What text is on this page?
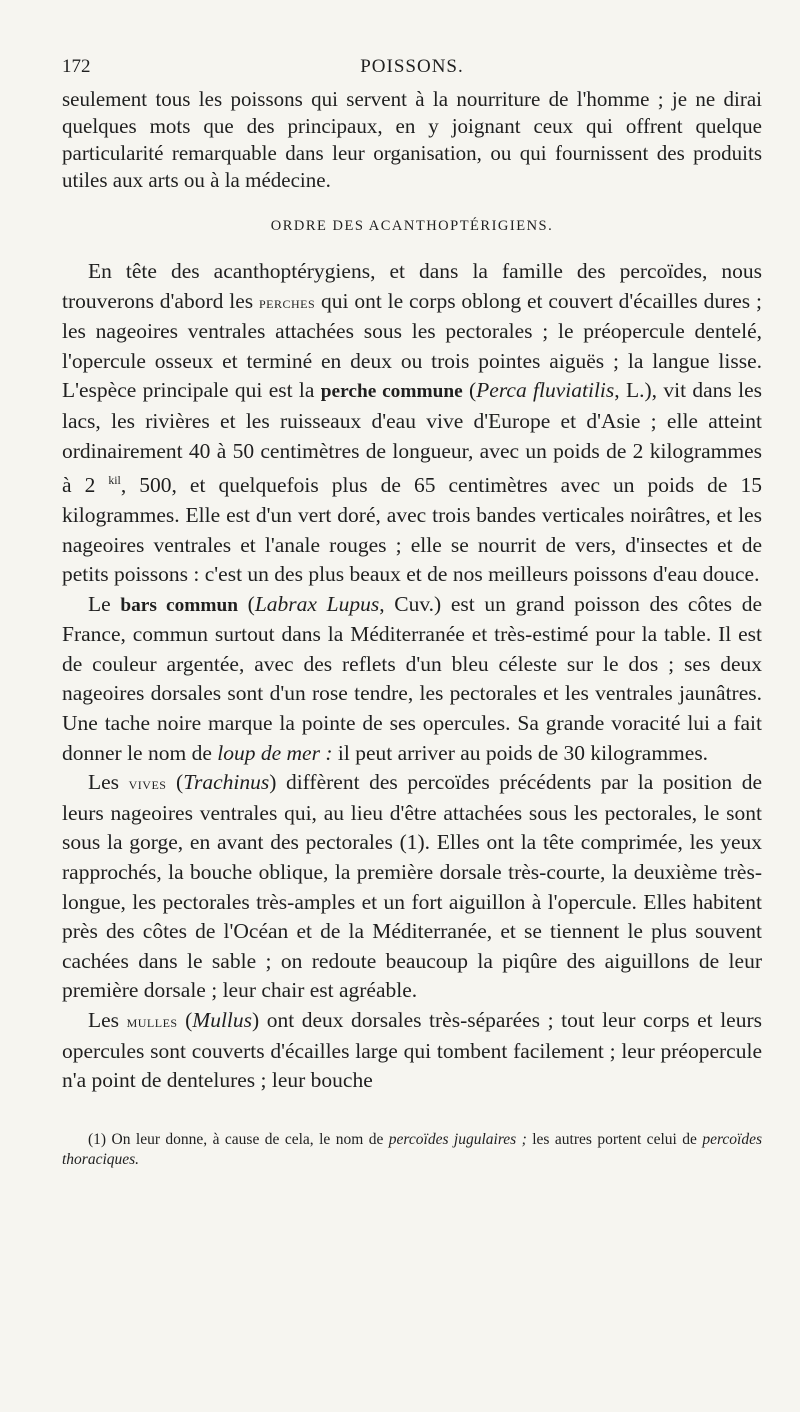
172	POISSONS.

seulement tous les poissons qui servent à la nourriture de l'homme ; je ne dirai quelques mots que des principaux, en y joignant ceux qui offrent quelque particularité remarquable dans leur organisation, ou qui fournissent des produits utiles aux arts ou à la médecine.

ORDRE DES ACANTHOPTÉRIGIENS.

En tête des acanthoptérygiens, et dans la famille des percoïdes, nous trouverons d'abord les perches qui ont le corps oblong et couvert d'écailles dures ; les nageoires ventrales attachées sous les pectorales ; le préopercule dentelé, l'opercule osseux et terminé en deux ou trois pointes aiguës ; la langue lisse. L'espèce principale qui est la perche commune (Perca fluviatilis, L.), vit dans les lacs, les rivières et les ruisseaux d'eau vive d'Europe et d'Asie ; elle atteint ordinairement 40 à 50 centimètres de longueur, avec un poids de 2 kilogrammes à 2 $^{kil}$, 500, et quelquefois plus de 65 centimètres avec un poids de 15 kilogrammes. Elle est d'un vert doré, avec trois bandes verticales noirâtres, et les nageoires ventrales et l'anale rouges ; elle se nourrit de vers, d'insectes et de petits poissons : c'est un des plus beaux et de nos meilleurs poissons d'eau douce.

Le bars commun (Labrax Lupus, Cuv.) est un grand poisson des côtes de France, commun surtout dans la Méditerranée et très-estimé pour la table. Il est de couleur argentée, avec des reflets d'un bleu céleste sur le dos ; ses deux nageoires dorsales sont d'un rose tendre, les pectorales et les ventrales jaunâtres. Une tache noire marque la pointe de ses opercules. Sa grande voracité lui a fait donner le nom de loup de mer : il peut arriver au poids de 30 kilogrammes.

Les vives (Trachinus) diffèrent des percoïdes précédents par la position de leurs nageoires ventrales qui, au lieu d'être attachées sous les pectorales, le sont sous la gorge, en avant des pectorales (1). Elles ont la tête comprimée, les yeux rapprochés, la bouche oblique, la première dorsale très-courte, la deuxième très-longue, les pectorales très-amples et un fort aiguillon à l'opercule. Elles habitent près des côtes de l'Océan et de la Méditerranée, et se tiennent le plus souvent cachées dans le sable ; on redoute beaucoup la piqûre des aiguillons de leur première dorsale ; leur chair est agréable.

Les mulles (Mullus) ont deux dorsales très-séparées ; tout leur corps et leurs opercules sont couverts d'écailles large qui tombent facilement ; leur préopercule n'a point de dentelures ; leur bouche

(1) On leur donne, à cause de cela, le nom de percoïdes jugulaires ; les autres portent celui de percoïdes thoraciques.
